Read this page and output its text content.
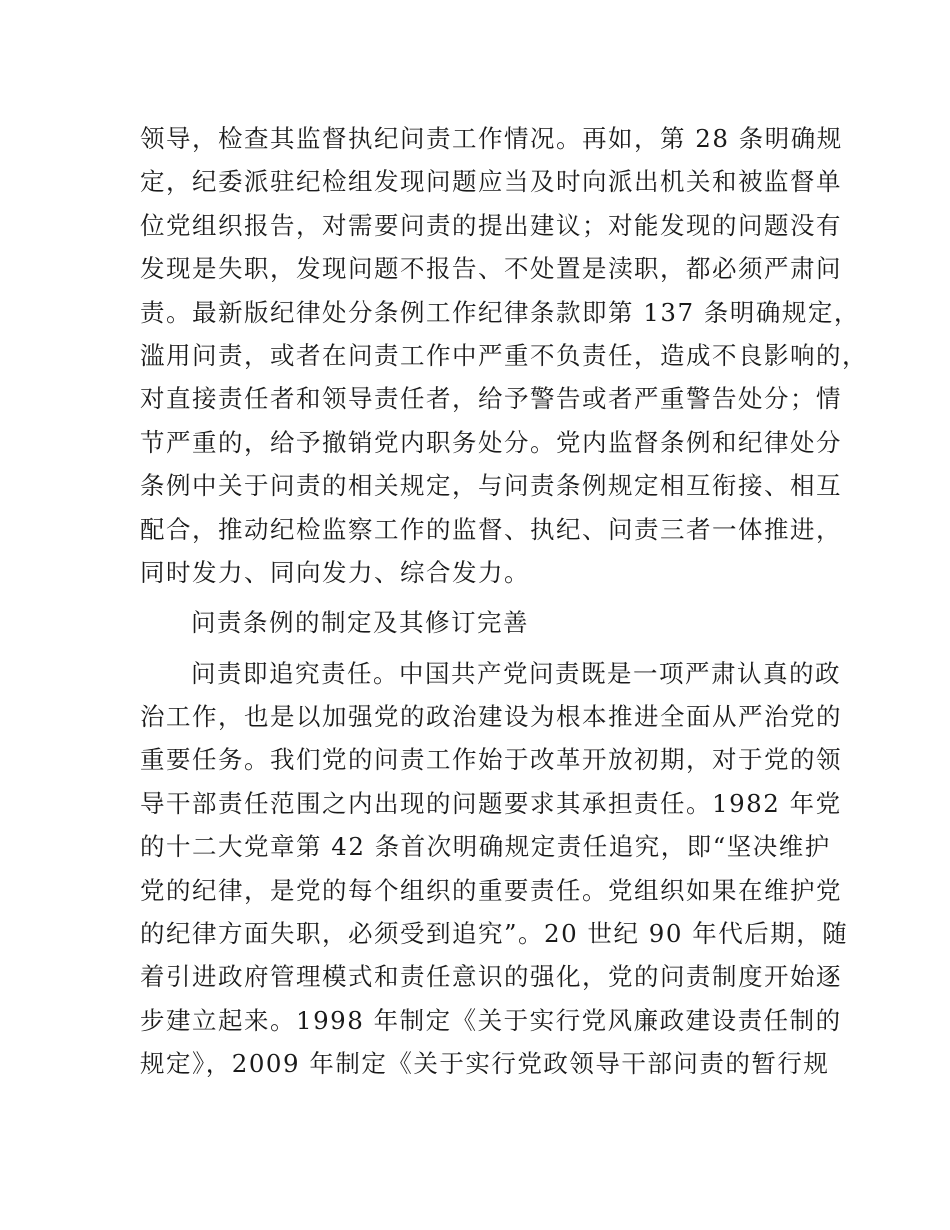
领导，检查其监督执纪问责工作情况。再如，第 28 条明确规
定，纪委派驻纪检组发现问题应当及时向派出机关和被监督单
位党组织报告，对需要问责的提出建议；对能发现的问题没有
发现是失职，发现问题不报告、不处置是渎职，都必须严肃问
责。最新版纪律处分条例工作纪律条款即第 137 条明确规定，
滥用问责，或者在问责工作中严重不负责任，造成不良影响的，
对直接责任者和领导责任者，给予警告或者严重警告处分；情
节严重的，给予撤销党内职务处分。党内监督条例和纪律处分
条例中关于问责的相关规定，与问责条例规定相互衔接、相互
配合，推动纪检监察工作的监督、执纪、问责三者一体推进，
同时发力、同向发力、综合发力。
问责条例的制定及其修订完善
问责即追究责任。中国共产党问责既是一项严肃认真的政
治工作，也是以加强党的政治建设为根本推进全面从严治党的
重要任务。我们党的问责工作始于改革开放初期，对于党的领
导干部责任范围之内出现的问题要求其承担责任。1982 年党
的十二大党章第 42 条首次明确规定责任追究，即“坚决维护
党的纪律，是党的每个组织的重要责任。党组织如果在维护党
的纪律方面失职，必须受到追究”。20 世纪 90 年代后期，随
着引进政府管理模式和责任意识的强化，党的问责制度开始逐
步建立起来。1998 年制定《关于实行党风廉政建设责任制的
规定》，2009 年制定《关于实行党政领导干部问责的暂行规
